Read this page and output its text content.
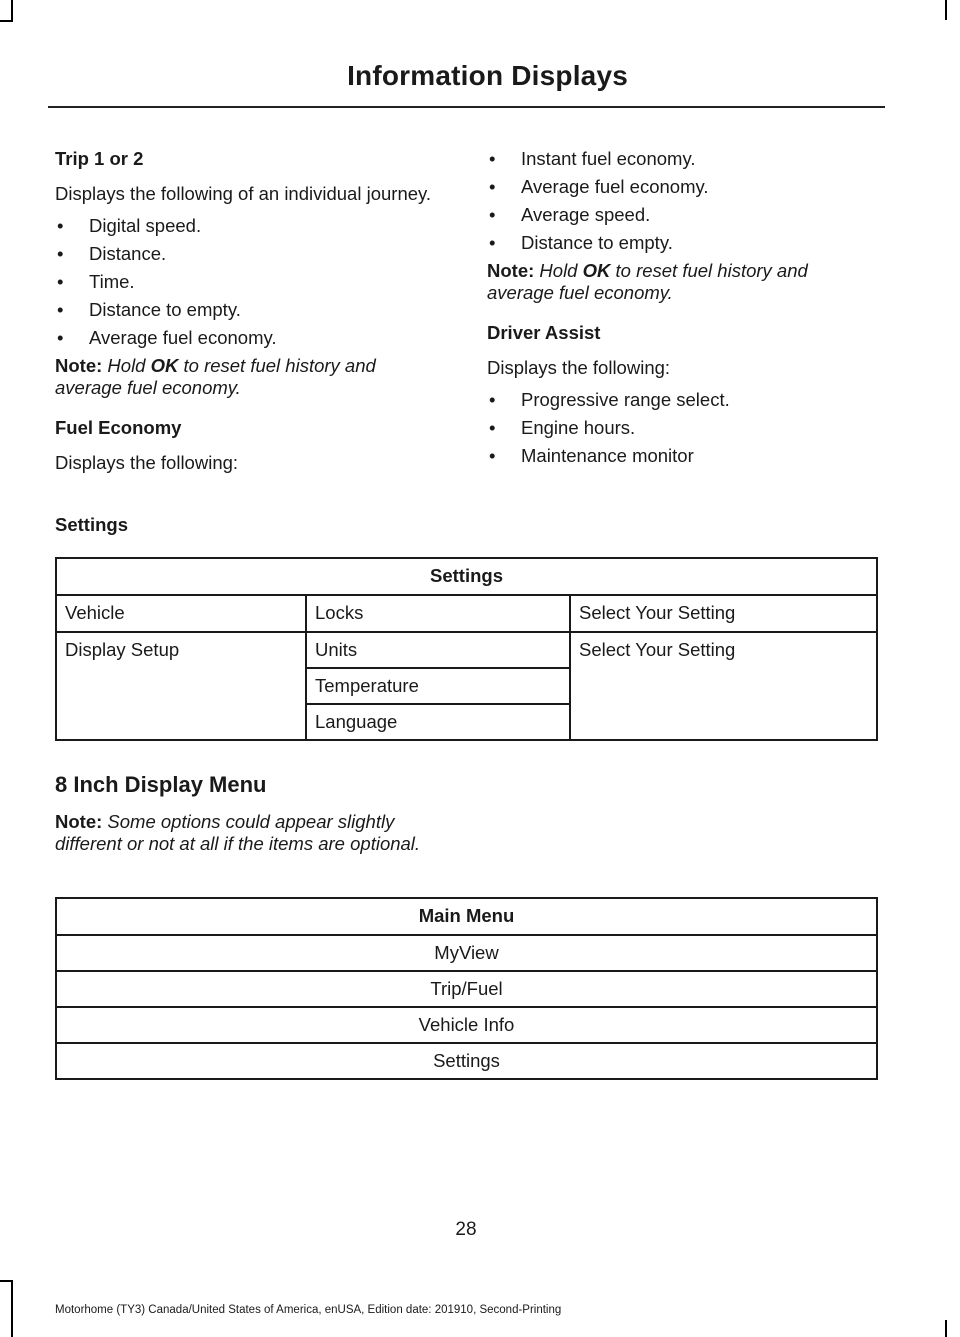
Information Displays
Trip 1 or 2

Displays the following of an individual journey.

• Digital speed.
• Distance.
• Time.
• Distance to empty.
• Average fuel economy.

Note: Hold OK to reset fuel history and average fuel economy.

Fuel Economy

Displays the following:

• Instant fuel economy.
• Average fuel economy.
• Average speed.
• Distance to empty.

Note: Hold OK to reset fuel history and average fuel economy.

Driver Assist

Displays the following:

• Progressive range select.
• Engine hours.
• Maintenance monitor
Settings
Settings		
Vehicle	Locks	Select Your Setting
Display Setup	Units	Select Your Setting
	Temperature	
	Language	
8 Inch Display Menu

Note: Some options could appear slightly different or not at all if the items are optional.

Main Menu
MyView
Trip/Fuel
Vehicle Info
Settings
28
Motorhome (TY3) Canada/United States of America, enUSA, Edition date: 201910, Second-Printing
